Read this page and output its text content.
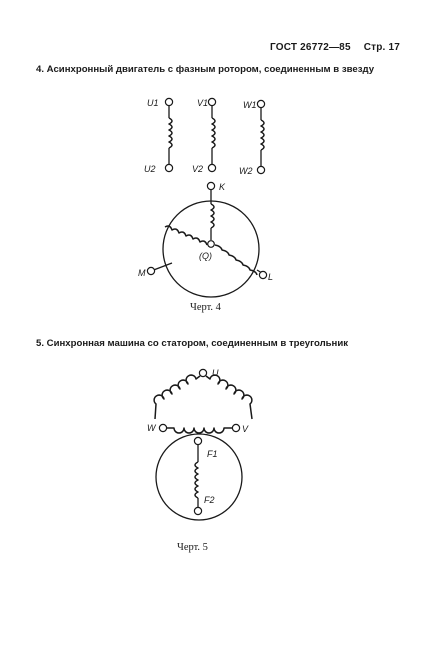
ГОСТ 26772—85 Стр. 17
4. Асинхронный двигатель с фазным ротором, соединенным в звезду
U1
U2
V1
V2
W1
W2
K
(Q)
M	L
Черт. 4
5. Синхронная машина со статором, соединенным в треугольник
U
W	V
F1
F2
Черт. 5
